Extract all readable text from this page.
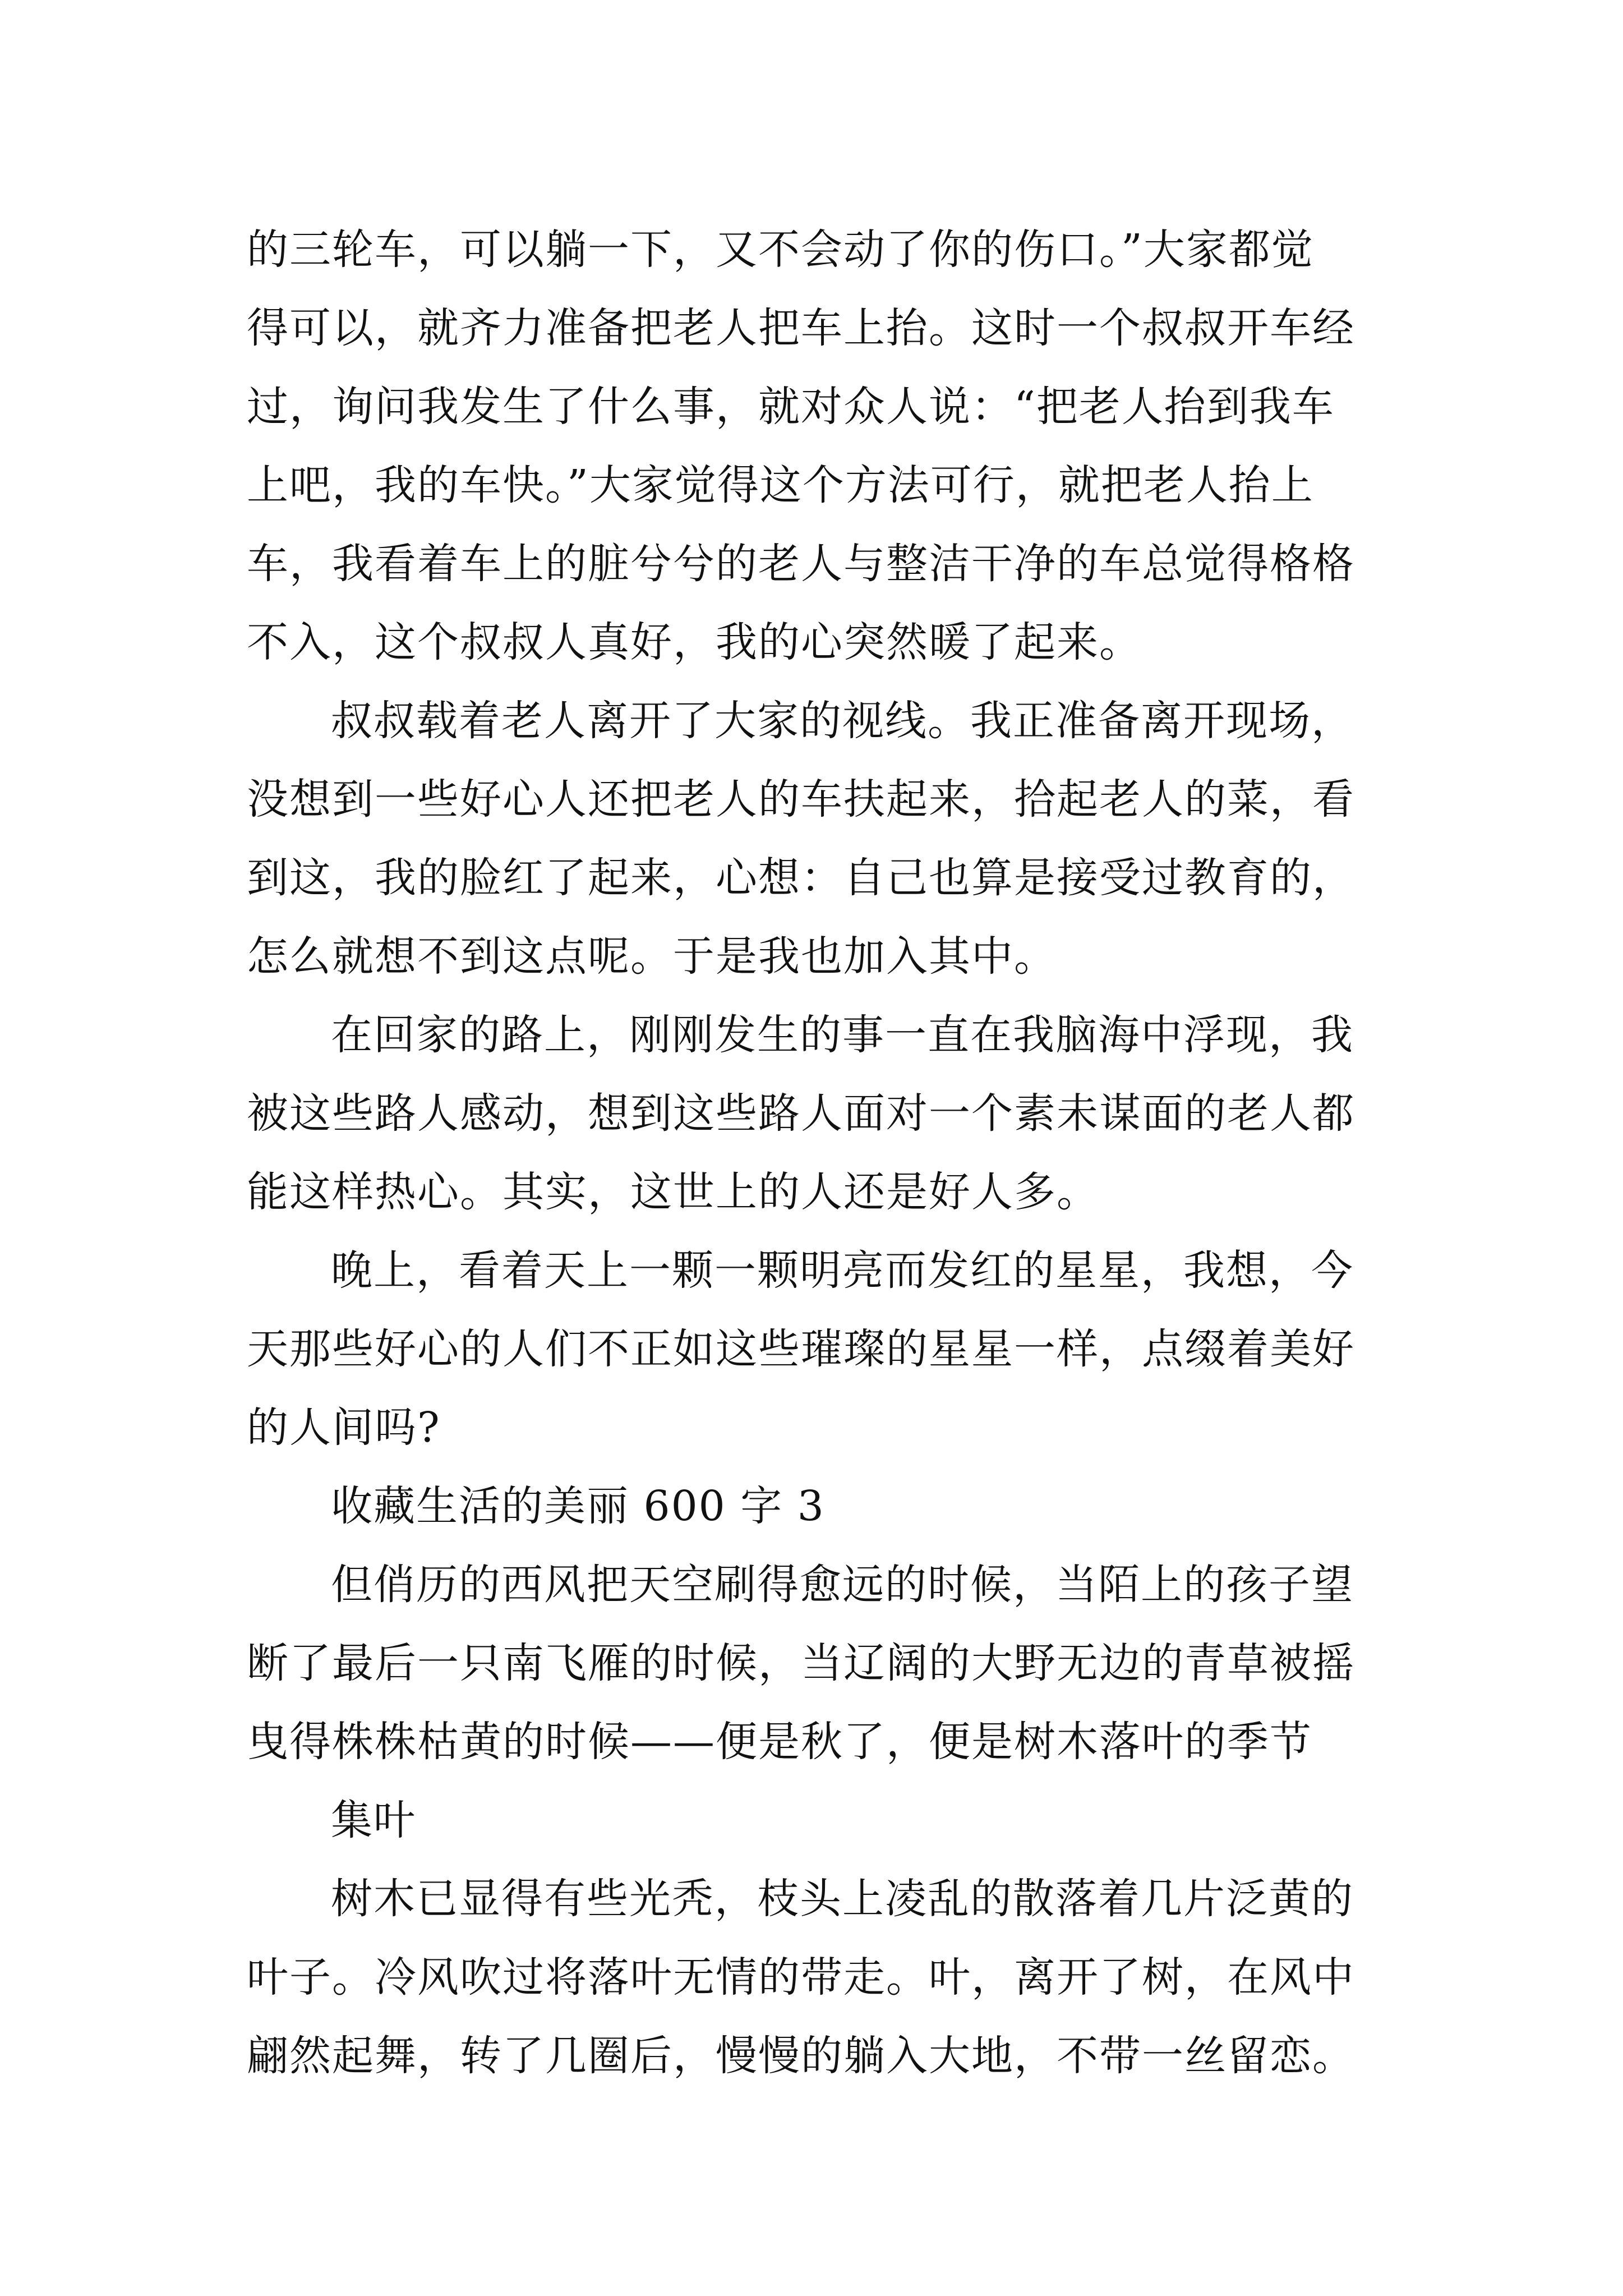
的三轮车，可以躺一下，又不会动了你的伤口。”大家都觉
得可以，就齐力准备把老人把车上抬。这时一个叔叔开车经
过，询问我发生了什么事，就对众人说：“把老人抬到我车
上吧，我的车快。”大家觉得这个方法可行，就把老人抬上
车，我看着车上的脏兮兮的老人与整洁干净的车总觉得格格
不入，这个叔叔人真好，我的心突然暖了起来。
叔叔载着老人离开了大家的视线。我正准备离开现场，
没想到一些好心人还把老人的车扶起来，拾起老人的菜，看
到这，我的脸红了起来，心想：自己也算是接受过教育的，
怎么就想不到这点呢。于是我也加入其中。
在回家的路上，刚刚发生的事一直在我脑海中浮现，我
被这些路人感动，想到这些路人面对一个素未谋面的老人都
能这样热心。其实，这世上的人还是好人多。
晚上，看着天上一颗一颗明亮而发红的星星，我想，今
天那些好心的人们不正如这些璀璨的星星一样，点缀着美好
的人间吗?
收藏生活的美丽 600 字 3
但俏历的西风把天空刷得愈远的时候，当陌上的孩子望
断了最后一只南飞雁的时候，当辽阔的大野无边的青草被摇
曳得株株枯黄的时候——便是秋了，便是树木落叶的季节
集叶
树木已显得有些光秃，枝头上凌乱的散落着几片泛黄的
叶子。冷风吹过将落叶无情的带走。叶，离开了树，在风中
翩然起舞，转了几圈后，慢慢的躺入大地，不带一丝留恋。
